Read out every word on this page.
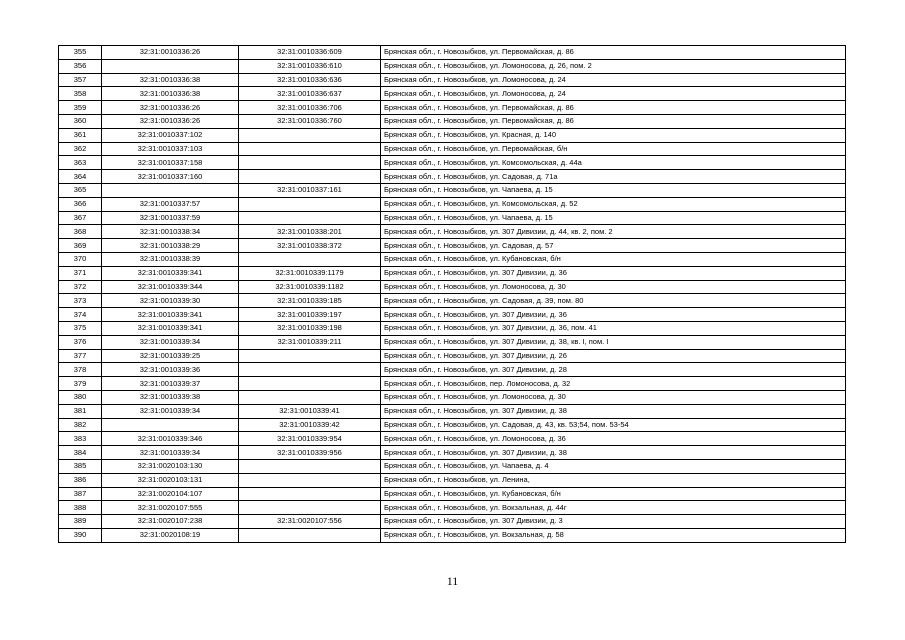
355	32:31:0010336:26	32:31:0010336:609	Брянская обл., г. Новозыбков, ул. Первомайская, д. 86
356		32:31:0010336:610	Брянская обл., г. Новозыбков, ул. Ломоносова, д. 26, пом. 2
357	32:31:0010336:38	32:31:0010336:636	Брянская обл., г. Новозыбков, ул. Ломоносова, д. 24
358	32:31:0010336:38	32:31:0010336:637	Брянская обл., г. Новозыбков, ул. Ломоносова, д. 24
359	32:31:0010336:26	32:31:0010336:706	Брянская обл., г. Новозыбков, ул. Первомайская, д. 86
360	32:31:0010336:26	32:31:0010336:760	Брянская обл., г. Новозыбков, ул. Первомайская, д. 86
361	32:31:0010337:102		Брянская обл., г. Новозыбков, ул. Красная, д. 140
362	32:31:0010337:103		Брянская обл., г. Новозыбков, ул. Первомайская, б/н
363	32:31:0010337:158		Брянская обл., г. Новозыбков, ул. Комсомольская, д. 44а
364	32:31:0010337:160		Брянская обл., г. Новозыбков, ул. Садовая, д. 71а
365		32:31:0010337:161	Брянская обл., г. Новозыбков, ул. Чапаева, д. 15
366	32:31:0010337:57		Брянская обл., г. Новозыбков, ул. Комсомольская, д. 52
367	32:31:0010337:59		Брянская обл., г. Новозыбков, ул. Чапаева, д. 15
368	32:31:0010338:34	32:31:0010338:201	Брянская обл., г. Новозыбков, ул. 307 Дивизии, д. 44, кв. 2, пом. 2
369	32:31:0010338:29	32:31:0010338:372	Брянская обл., г. Новозыбков, ул. Садовая, д. 57
370	32:31:0010338:39		Брянская обл., г. Новозыбков, ул. Кубановская, б/н
371	32:31:0010339:341	32:31:0010339:1179	Брянская обл., г. Новозыбков, ул. 307 Дивизии, д. 36
372	32:31:0010339:344	32:31:0010339:1182	Брянская обл., г. Новозыбков, ул. Ломоносова, д. 30
373	32:31:0010339:30	32:31:0010339:185	Брянская обл., г. Новозыбков, ул. Садовая, д. 39, пом. 80
374	32:31:0010339:341	32:31:0010339:197	Брянская обл., г. Новозыбков, ул. 307 Дивизии, д. 36
375	32:31:0010339:341	32:31:0010339:198	Брянская обл., г. Новозыбков, ул. 307 Дивизии, д. 36, пом. 41
376	32:31:0010339:34	32:31:0010339:211	Брянская обл., г. Новозыбков, ул. 307 Дивизии, д. 38, кв. I, пом. I
377	32:31:0010339:25		Брянская обл., г. Новозыбков, ул. 307 Дивизии, д. 26
378	32:31:0010339:36		Брянская обл., г. Новозыбков, ул. 307 Дивизии, д. 28
379	32:31:0010339:37		Брянская обл., г. Новозыбков, пер. Ломоносова, д. 32
380	32:31:0010339:38		Брянская обл., г. Новозыбков, ул. Ломоносова, д. 30
381	32:31:0010339:34	32:31:0010339:41	Брянская обл., г. Новозыбков, ул. 307 Дивизии, д. 38
382		32:31:0010339:42	Брянская обл., г. Новозыбков, ул. Садовая, д. 43, кв. 53;54, пом. 53-54
383	32:31:0010339:346	32:31:0010339:954	Брянская обл., г. Новозыбков, ул. Ломоносова, д. 36
384	32:31:0010339:34	32:31:0010339:956	Брянская обл., г. Новозыбков, ул. 307 Дивизии, д. 38
385	32:31:0020103:130		Брянская обл., г. Новозыбков, ул. Чапаева, д. 4
386	32:31:0020103:131		Брянская обл., г. Новозыбков, ул. Ленина,
387	32:31:0020104:107		Брянская обл., г. Новозыбков, ул. Кубановская, б/н
388	32:31:0020107:555		Брянская обл., г. Новозыбков, ул. Вокзальная, д. 44г
389	32:31:0020107:238	32:31:0020107:556	Брянская обл., г. Новозыбков, ул. 307 Дивизии, д. 3
390	32:31:0020108:19		Брянская обл., г. Новозыбков, ул. Вокзальная, д. 58
11
